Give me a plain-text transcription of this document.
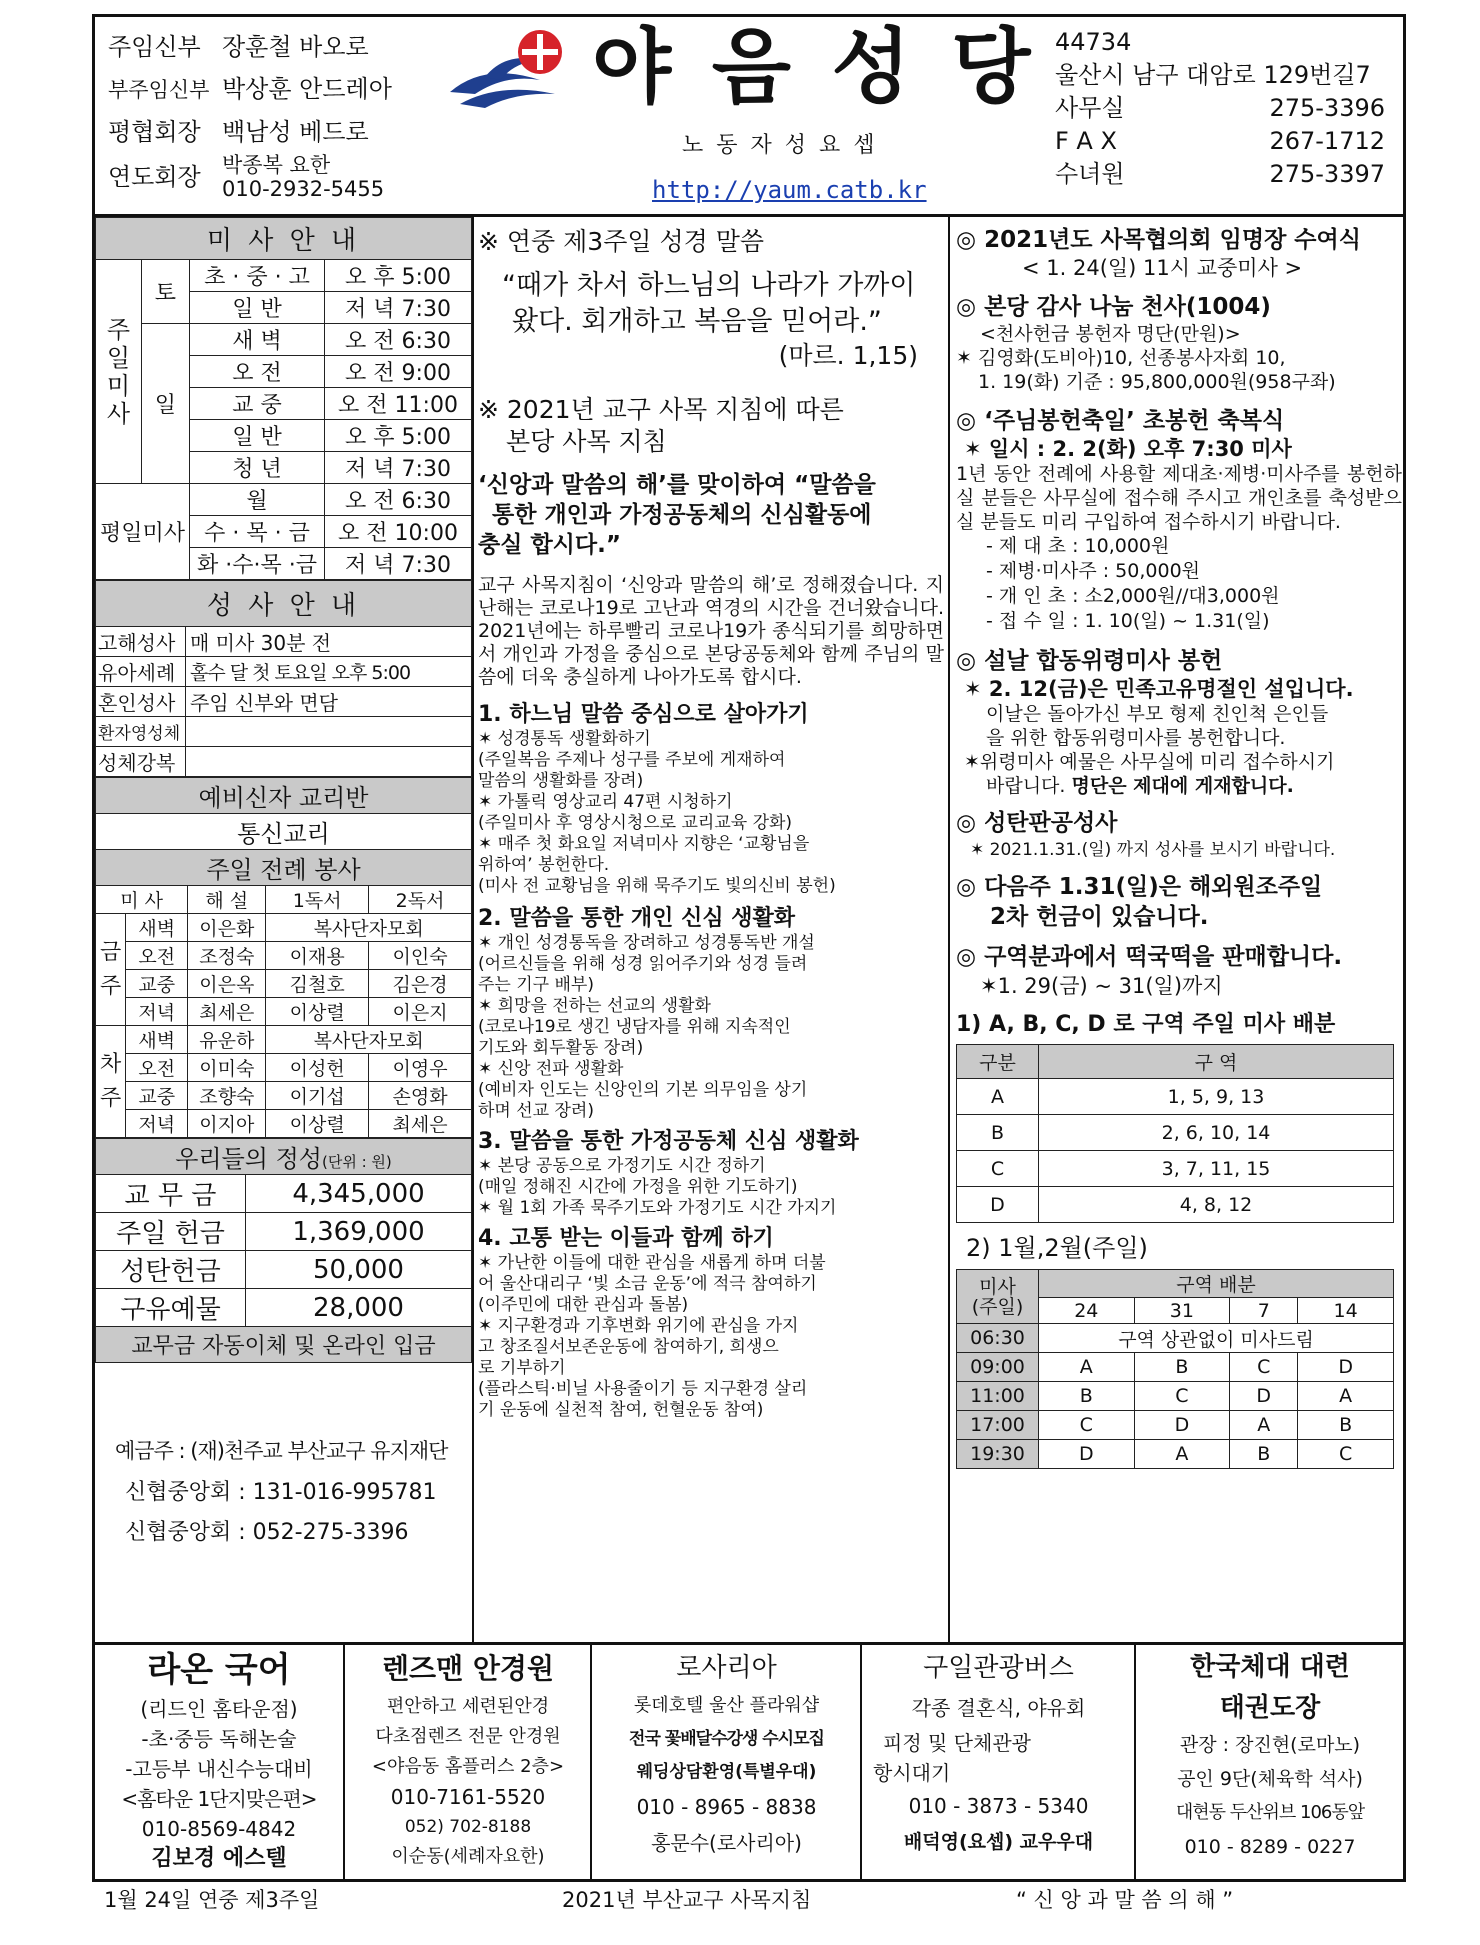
주임신부 장훈철 바오로
부주임신부 박상훈 안드레아
평협회장 백남성 베드로
연도회장	박종복 요한
010-2932-5455
야 음 성 당
노 동 자 성 요 셉
http://yaum.catb.kr
44734
울산시 남구 대암로 129번길7
사무실	275-3396
F A X	267-1712
수녀원	275-3397
미 사 안 내			
주일미사	토	초 · 중 · 고	오 후 5:00
		일 반	저 녁 7:30
	일	새 벽	오 전 6:30
		오 전	오 전 9:00
		교 중	오 전 11:00
		일 반	오 후 5:00
		청 년	저 녁 7:30
평일미사		월	오 전 6:30
		수 · 목 · 금	오 전 10:00
		화 ·수·목 ·금	저 녁 7:30
성 사 안 내	
고해성사	매 미사 30분 전
유아세례	홀수 달 첫 토요일 오후 5:00
혼인성사	주임 신부와 면담
환자영성체	
성체강복	
예비신자 교리반				
통신교리				
주일 전례 봉사				
미 사		해 설	1독서	2독서
금주	새벽	이은화	복사단자모회	
	오전	조정숙	이재용	이인숙
	교중	이은옥	김철호	김은경
	저녁	최세은	이상렬	이은지
차주	새벽	유운하	복사단자모회	
	오전	이미숙	이성헌	이영우
	교중	조향숙	이기섭	손영화
	저녁	이지아	이상렬	최세은
우리들의 정성(단위 : 원)	
교 무 금	4,345,000
주일 헌금	1,369,000
성탄헌금	50,000
구유예물	28,000
교무금 자동이체 및 온라인 입금	
예금주 : (재)천주교 부산교구 유지재단
신협중앙회 : 131-016-995781
신협중앙회 : 052-275-3396
※ 연중 제3주일 성경 말씀
“때가 차서 하느님의 나라가 가까이
왔다. 회개하고 복음을 믿어라.”
(마르. 1,15)
※ 2021년 교구 사목 지침에 따른
본당 사목 지침
‘신앙과 말씀의 해’를 맞이하여 “말씀을
통한 개인과 가정공동체의 신심활동에
충실 합시다.”
교구 사목지침이 ‘신앙과 말씀의 해’로 정해졌습니다. 지난해는 코로나19로 고난과 역경의 시간을 건너왔습니다. 2021년에는 하루빨리 코로나19가 종식되기를 희망하면서 개인과 가정을 중심으로 본당공동체와 함께 주님의 말씀에 더욱 충실하게 나아가도록 합시다.
1. 하느님 말씀 중심으로 살아가기
✶ 성경통독 생활화하기
(주일복음 주제나 성구를 주보에 게재하여
말씀의 생활화를 장려)
✶ 가톨릭 영상교리 47편 시청하기
(주일미사 후 영상시청으로 교리교육 강화)
✶ 매주 첫 화요일 저녁미사 지향은 ‘교황님을
위하여’ 봉헌한다.
(미사 전 교황님을 위해 묵주기도 빛의신비 봉헌)
2. 말씀을 통한 개인 신심 생활화
✶ 개인 성경통독을 장려하고 성경통독반 개설
(어르신들을 위해 성경 읽어주기와 성경 들려
주는 기구 배부)
✶ 희망을 전하는 선교의 생활화
(코로나19로 생긴 냉담자를 위해 지속적인
기도와 회두활동 장려)
✶ 신앙 전파 생활화
(예비자 인도는 신앙인의 기본 의무임을 상기
하며 선교 장려)
3. 말씀을 통한 가정공동체 신심 생활화
✶ 본당 공동으로 가정기도 시간 정하기
(매일 정해진 시간에 가정을 위한 기도하기)
✶ 월 1회 가족 묵주기도와 가정기도 시간 가지기
4. 고통 받는 이들과 함께 하기
✶ 가난한 이들에 대한 관심을 새롭게 하며 더불
어 울산대리구 ‘빛 소금 운동’에 적극 참여하기
(이주민에 대한 관심과 돌봄)
✶ 지구환경과 기후변화 위기에 관심을 가지
고 창조질서보존운동에 참여하기, 희생으
로 기부하기
(플라스틱·비닐 사용줄이기 등 지구환경 살리
기 운동에 실천적 참여, 헌혈운동 참여)
◎ 2021년도 사목협의회 임명장 수여식
< 1. 24(일) 11시 교중미사 >
◎ 본당 감사 나눔 천사(1004)
<천사헌금 봉헌자 명단(만원)>
✶ 김영화(도비아)10, 선종봉사자회 10,
1. 19(화) 기준 : 95,800,000원(958구좌)
◎ ‘주님봉헌축일’ 초봉헌 축복식
✶ 일시 : 2. 2(화) 오후 7:30 미사
1년 동안 전례에 사용할 제대초·제병·미사주를 봉헌하실 분들은 사무실에 접수해 주시고 개인초를 축성받으실 분들도 미리 구입하여 접수하시기 바랍니다.
- 제 대 초 : 10,000원
- 제병·미사주 : 50,000원
- 개 인 초 : 소2,000원//대3,000원
- 접 수 일 : 1. 10(일) ~ 1.31(일)
◎ 설날 합동위령미사 봉헌
✶ 2. 12(금)은 민족고유명절인 설입니다.
이날은 돌아가신 부모 형제 친인척 은인들
을 위한 합동위령미사를 봉헌합니다.
✶위령미사 예물은 사무실에 미리 접수하시기
바랍니다. 명단은 제대에 게재합니다.
◎ 성탄판공성사
✶ 2021.1.31.(일) 까지 성사를 보시기 바랍니다.
◎ 다음주 1.31(일)은 해외원조주일
2차 헌금이 있습니다.
◎ 구역분과에서 떡국떡을 판매합니다.
✶1. 29(금) ~ 31(일)까지
1) A, B, C, D 로 구역 주일 미사 배분
구분	구 역
A	1, 5, 9, 13
B	2, 6, 10, 14
C	3, 7, 11, 15
D	4, 8, 12
2) 1월,2월(주일)
미사
(주일)	구역 배분			
	24	31	7	14
06:30	구역 상관없이 미사드림			
09:00	A	B	C	D
11:00	B	C	D	A
17:00	C	D	A	B
19:30	D	A	B	C
라온 국어
(리드인 홈타운점)
-초·중등 독해논술
-고등부 내신수능대비
<홈타운 1단지맞은편>
010-8569-4842
김보경 에스텔
렌즈맨 안경원
편안하고 세련된안경
다초점렌즈 전문 안경원
<야음동 홈플러스 2층>
010-7161-5520
052) 702-8188
이순동(세례자요한)
로사리아
롯데호텔 울산 플라워샵
전국 꽃배달수강생 수시모집
웨딩상담환영(특별우대)
010 - 8965 - 8838
홍문수(로사리아)
구일관광버스
각종 결혼식, 야유회
피정 및 단체관광
항시대기
010 - 3873 - 5340
배덕영(요셉) 교우우대
한국체대 대련
태권도장
관장 : 장진현(로마노)
공인 9단(체육학 석사)
대현동 두산위브 106동앞
010 - 8289 - 0227
1월 24일 연중 제3주일	2021년 부산교구 사목지침	“ 신 앙 과 말 씀 의 해 ”
